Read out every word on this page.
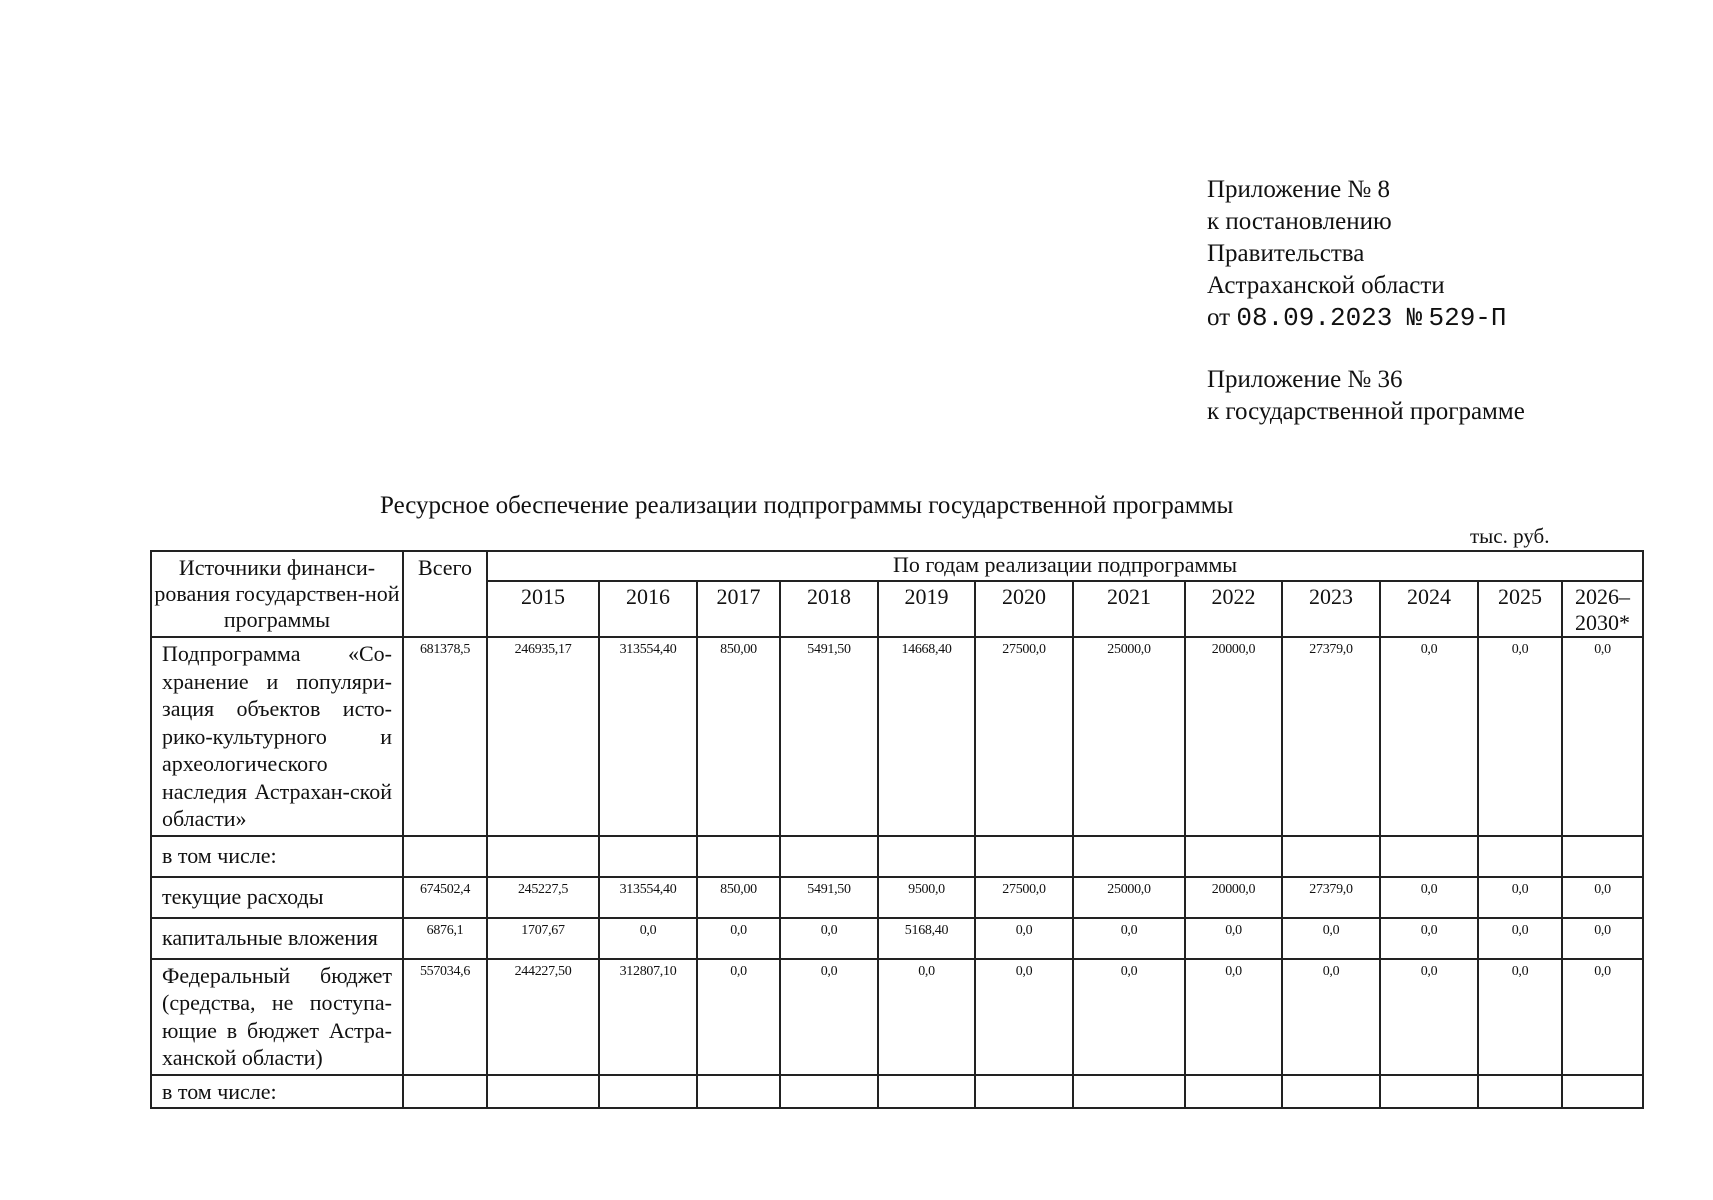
Приложение № 8
к постановлению
Правительства
Астраханской области
от 08.09.2023 № 529-П
Приложение № 36
к государственной программе
Ресурсное обеспечение реализации подпрограммы государственной программы
тыс. руб.
Источники финанси-рования государствен-ной программы	Всего	По годам реализации подпрограммы											
		2015	2016	2017	2018	2019	2020	2021	2022	2023	2024	2025	2026–2030*
Подпрограмма «Со-хранение и популяри-зация объектов исто-рико-культурного и археологического наследия Астрахан-ской области»	681378,5	246935,17	313554,40	850,00	5491,50	14668,40	27500,0	25000,0	20000,0	27379,0	0,0	0,0	0,0
в том числе:													
текущие расходы	674502,4	245227,5	313554,40	850,00	5491,50	9500,0	27500,0	25000,0	20000,0	27379,0	0,0	0,0	0,0
капитальные вложения	6876,1	1707,67	0,0	0,0	0,0	5168,40	0,0	0,0	0,0	0,0	0,0	0,0	0,0
Федеральный бюджет (средства, не поступа-ющие в бюджет Астра-ханской области)	557034,6	244227,50	312807,10	0,0	0,0	0,0	0,0	0,0	0,0	0,0	0,0	0,0	0,0
в том числе:													
